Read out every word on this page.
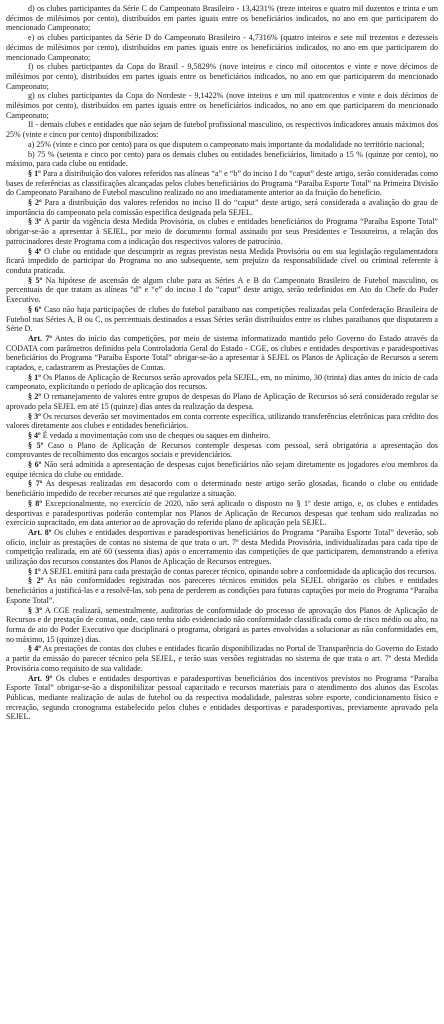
d) os clubes participantes da Série C do Campeonato Brasileiro - 13,4231% (treze inteiros e quatro mil duzentos e trinta e um décimos de milésimos por cento), distribuídos em partes iguais entre os beneficiários indicados, no ano em que participarem do mencionado Campeonato;

e) os clubes participantes da Série D do Campeonato Brasileiro - 4,7316% (quatro inteiros e sete mil trezentos e dezesseis décimos de milésimos por cento), distribuídos em partes iguais entre os beneficiários indicados, no ano em que participarem do mencionado Campeonato;

f) os clubes participantes da Copa do Brasil - 9,5829% (nove inteiros e cinco mil oitocentos e vinte e nove décimos de milésimos por cento), distribuídos em partes iguais entre os beneficiários indicados, no ano em que participarem do mencionado Campeonato;

g) os clubes participantes da Copa do Nordeste - 9,1422% (nove inteiros e um mil quatrocentos e vinte e dois décimos de milésimos por cento), distribuídos em partes iguais entre os beneficiários indicados, no ano em que participarem do mencionado Campeonato;

II - demais clubes e entidades que não sejam de futebol profissional masculino, os respectivos indicadores anuais máximos dos 25% (vinte e cinco por cento) disponibilizados:

a) 25% (vinte e cinco por cento) para os que disputem o campeonato mais importante da modalidade no território nacional;

b) 75 % (setenta e cinco por cento) para os demais clubes ou entidades beneficiários, limitado a 15 % (quinze por cento), no máximo, para cada clube ou entidade.

§ 1º Para a distribuição dos valores referidos nas alíneas “a” e “b” do inciso I do “caput” deste artigo, serão consideradas como bases de referências as classificações alcançadas pelos clubes beneficiários do Programa “Paraíba Esporte Total” na Primeira Divisão do Campeonato Paraibano de Futebol masculino realizado no ano imediatamente anterior ao da fruição do benefício.

§ 2º Para a distribuição dos valores referidos no inciso II do “caput” deste artigo, será considerada a avaliação do grau de importância do campeonato pela comissão especifica designada pela SEJEL.

§ 3º A partir da vigência desta Medida Provisória, os clubes e entidades beneficiários do Programa “Paraíba Esporte Total” obrigar-se-ão a apresentar à SEJEL, por meio de documento formal assinado por seus Presidentes e Tesoureiros, a relação dos patrocinadores deste Programa com a indicação dos respectivos valores de patrocínio.

§ 4º O clube ou entidade que descumprir as regras previstas nesta Medida Provisória ou em sua legislação regulamentadora ficará impedido de participar do Programa no ano subsequente, sem prejuízo da responsabilidade cível ou criminal referente à conduta praticada.

§ 5º Na hipótese de ascensão de algum clube para as Séries A e B do Campeonato Brasileiro de Futebol masculino, os percentuais de que tratam as alíneas “d” e “e” do inciso I do “caput” deste artigo, serão redefinidos em Ato do Chefe do Poder Executivo.

§ 6º Caso não haja participações de clubes do futebol paraibano nas competições realizadas pela Confederação Brasileira de Futebol nas Séries A, B ou C, os percentuais destinados a essas Séries serão distribuídos entre os clubes paraibanos que disputarem a Série D.

Art. 7º Antes do início das competições, por meio de sistema informatizado mantido pelo Governo do Estado através da CODATA com parâmetros definidos pela Controladoria Geral do Estado - CGE, os clubes e entidades desportivas e paradesportivas beneficiários do Programa “Paraíba Esporte Total” obrigar-se-ão a apresentar à SEJEL os Planos de Aplicação de Recursos a serem captados, e, cadastrarem as Prestações de Contas.

§ 1º Os Planos de Aplicação de Recursos serão aprovados pela SEJEL, em, no mínimo, 30 (trinta) dias antes do início de cada campeonato, explicitando o período de aplicação dos recursos.

§ 2º O remanejamento de valores entre grupos de despesas do Plano de Aplicação de Recursos só será considerado regular se aprovado pela SEJEL em até 15 (quinze) dias antes da realização da despesa.

§ 3º Os recursos deverão ser movimentados em conta corrente específica, utilizando transferências eletrônicas para crédito dos valores diretamente aos clubes e entidades beneficiários.

§ 4º É vedada a movimentação com uso de cheques ou saques em dinheiro.

§ 5º Caso o Plano de Aplicação de Recursos contemple despesas com pessoal, será obrigatória a apresentação dos comprovantes de recolhimento dos encargos sociais e previdenciários.

§ 6º Não será admitida a apresentação de despesas cujos beneficiários não sejam diretamente os jogadores e/ou membros da equipe técnica do clube ou entidade.

§ 7º As despesas realizadas em desacordo com o determinado neste artigo serão glosadas, ficando o clube ou entidade beneficiário impedido de receber recursos até que regularize a situação.

§ 8º Excepcionalmente, no exercício de 2020, não será aplicado o disposto no § 1º deste artigo, e, os clubes e entidades desportivas e paradesportivas poderão contemplar nos Planos de Aplicação de Recursos despesas que tenham sido realizadas no exercício supracitado, em data anterior ao de aprovação do referido plano de aplicação pela SEJEL.

Art. 8º Os clubes e entidades desportivas e paradesportivas beneficiários do Programa “Paraíba Esporte Total” deverão, sob ofício, incluir as prestações de contas no sistema de que trata o art. 7º desta Medida Provisória, individualizadas para cada tipo de competição realizada, em até 60 (sessenta dias) após o encerramento das competições de que participarem, demonstrando a efetiva utilização dos recursos constantes dos Planos de Aplicação de Recursos entregues.

§ 1º A SEJEL emitirá para cada prestação de contas parecer técnico, opinando sobre a conformidade da aplicação dos recursos.

§ 2º As não conformidades registradas nos pareceres técnicos emitidos pela SEJEL obrigarão os clubes e entidades beneficiários a justificá-las e a resolvê-las, sob pena de perderem as condições para futuras captações por meio do Programa “Paraíba Esporte Total”.

§ 3º A CGE realizará, semestralmente, auditorias de conformidade do processo de aprovação dos Planos de Aplicação de Recursos e de prestação de contas, onde, caso tenha sido evidenciado não conformidade classificada como de risco médio ou alto, na forma de ato do Poder Executivo que disciplinará o programa, obrigará as partes envolvidas a solucionar as não conformidades em, no máximo, 15 (quinze) dias.

§ 4º As prestações de contas dos clubes e entidades ficarão disponibilizadas no Portal de Transparência do Governo do Estado a partir da emissão do parecer técnico pela SEJEL, e terão suas versões registradas no sistema de que trata o art. 7º desta Medida Provisória como requisito de sua validade.

Art. 9º Os clubes e entidades desportivas e paradesportivas beneficiários dos incentivos previstos no Programa “Paraíba Esporte Total” obrigar-se-ão a disponibilizar pessoal capacitado e recursos materiais para o atendimento dos alunos das Escolas Públicas, mediante realização de aulas de futebol ou da respectiva modalidade, palestras sobre esporte, condicionamento físico e recreação, segundo cronograma estabelecido pelos clubes e entidades desportivas e paradesportivas, previamente aprovado pela SEJEL.
